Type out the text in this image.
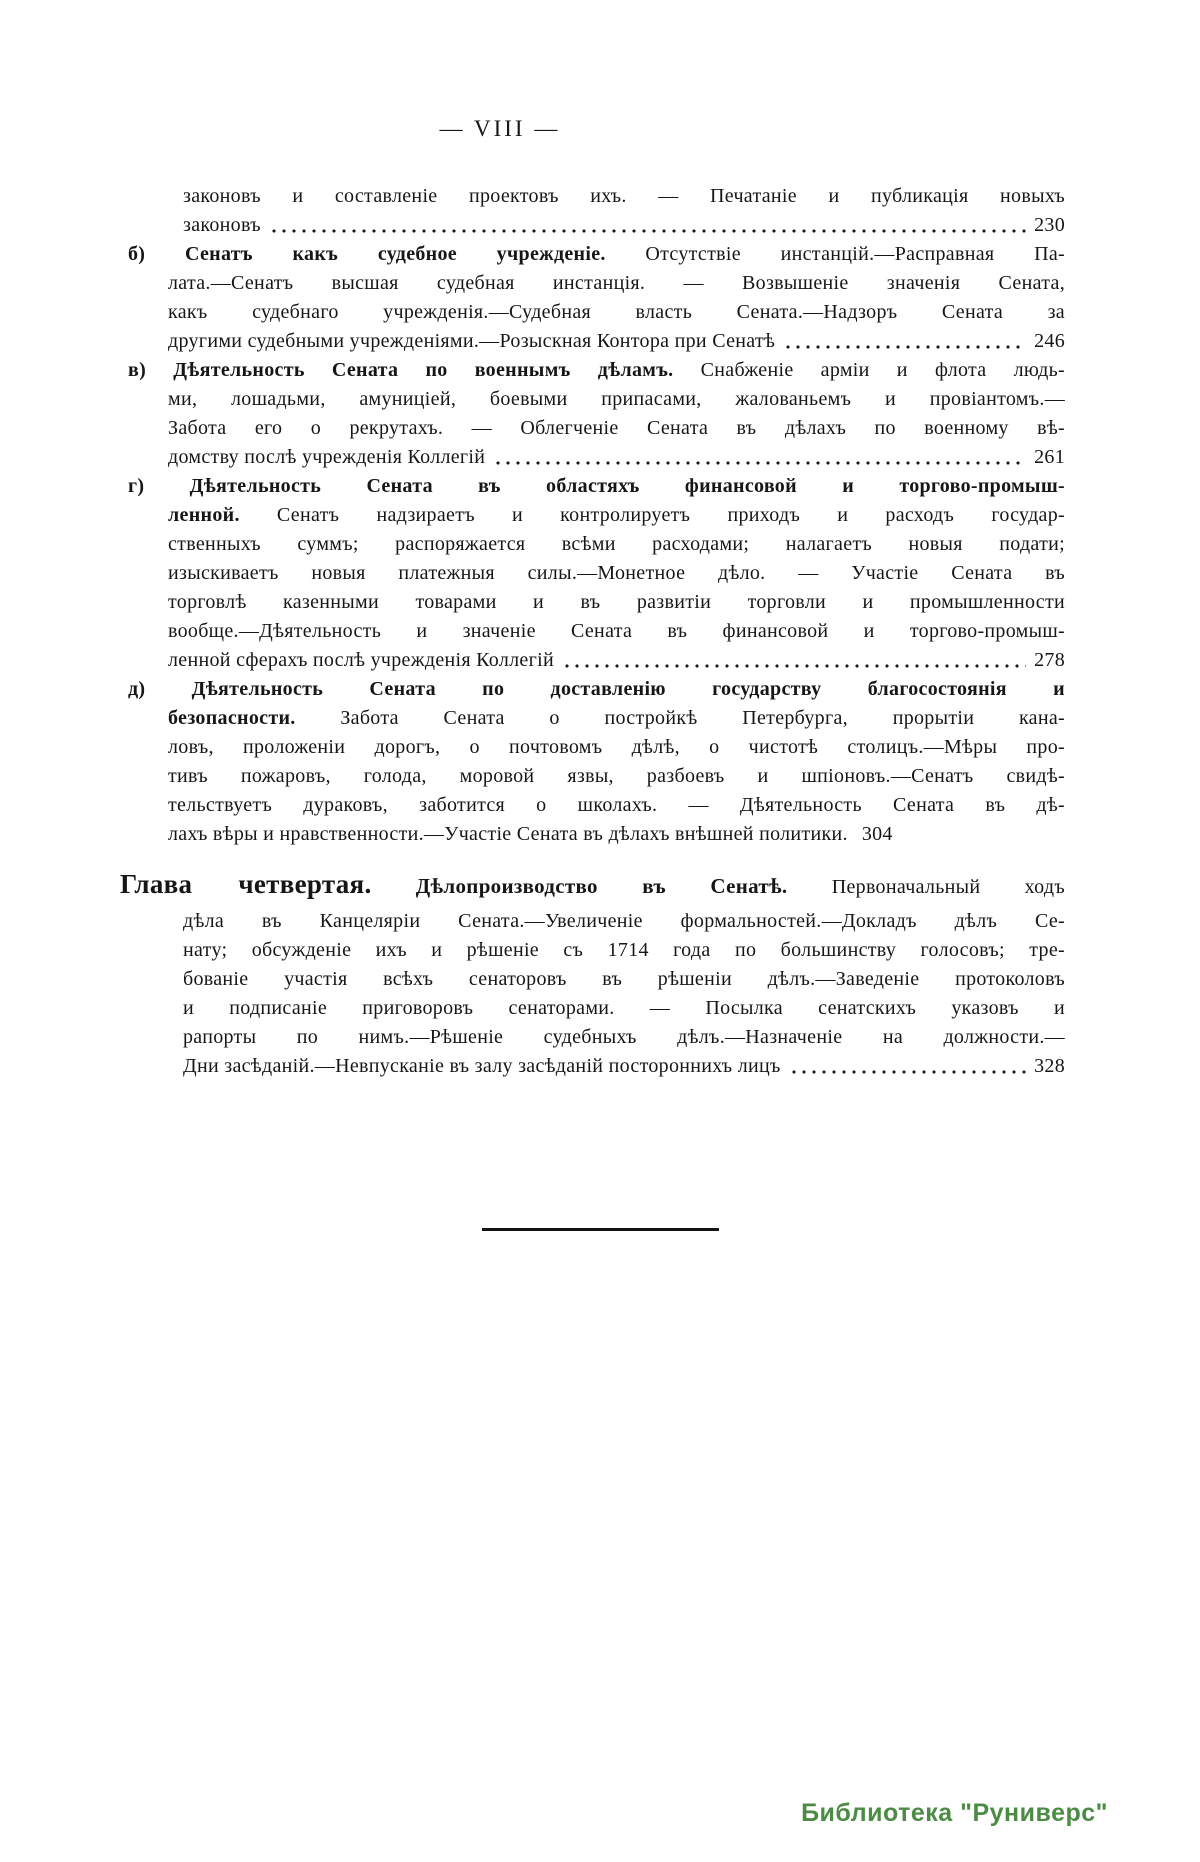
— VIII —
законовъ и составленіе проектовъ ихъ. — Печатаніе и публикація новыхъ
законовъ	230
б) Сенатъ какъ судебное учрежденіе. Отсутствіе инстанцій.—Расправная Па-
лата.—Сенатъ высшая судебная инстанція. — Возвышеніе значенія Сената,
какъ судебнаго учрежденія.—Судебная власть Сената.—Надзоръ Сената за
другими судебными учрежденіями.—Розыскная Контора при Сенатѣ	246
в) Дѣятельность Сената по военнымъ дѣламъ. Снабженіе арміи и флота людь-
ми, лошадьми, амуниціей, боевыми припасами, жалованьемъ и провіантомъ.—
Забота его о рекрутахъ. — Облегченіе Сената въ дѣлахъ по военному вѣ-
домству послѣ учрежденія Коллегій	261
г) Дѣятельность Сената въ областяхъ финансовой и торгово-промыш-
ленной. Сенатъ надзираетъ и контролируетъ приходъ и расходъ государ-
ственныхъ суммъ; распоряжается всѣми расходами; налагаетъ новыя подати;
изыскиваетъ новыя платежныя силы.—Монетное дѣло. — Участіе Сената въ
торговлѣ казенными товарами и въ развитіи торговли и промышленности
вообще.—Дѣятельность и значеніе Сената въ финансовой и торгово-промыш-
ленной сферахъ послѣ учрежденія Коллегій	278
д) Дѣятельность Сената по доставленію государству благосостоянія и
безопасности. Забота Сената о постройкѣ Петербурга, прорытіи кана-
ловъ, проложеніи дорогъ, о почтовомъ дѣлѣ, о чистотѣ столицъ.—Мѣры про-
тивъ пожаровъ, голода, моровой язвы, разбоевъ и шпіоновъ.—Сенатъ свидѣ-
тельствуетъ дураковъ, заботится о школахъ. — Дѣятельность Сената въ дѣ-
лахъ вѣры и нравственности.—Участіе Сената въ дѣлахъ внѣшней политики. 304
Глава четвертая. Дѣлопроизводство въ Сенатѣ. Первоначальный ходъ
дѣла въ Канцеляріи Сената.—Увеличеніе формальностей.—Докладъ дѣлъ Се-
нату; обсужденіе ихъ и рѣшеніе съ 1714 года по большинству голосовъ; тре-
бованіе участія всѣхъ сенаторовъ въ рѣшеніи дѣлъ.—Заведеніе протоколовъ
и подписаніе приговоровъ сенаторами. — Посылка сенатскихъ указовъ и
рапорты по нимъ.—Рѣшеніе судебныхъ дѣлъ.—Назначеніе на должности.—
Дни засѣданій.—Невпусканіе въ залу засѣданій постороннихъ лицъ	328
Библиотека "Руниверс"
